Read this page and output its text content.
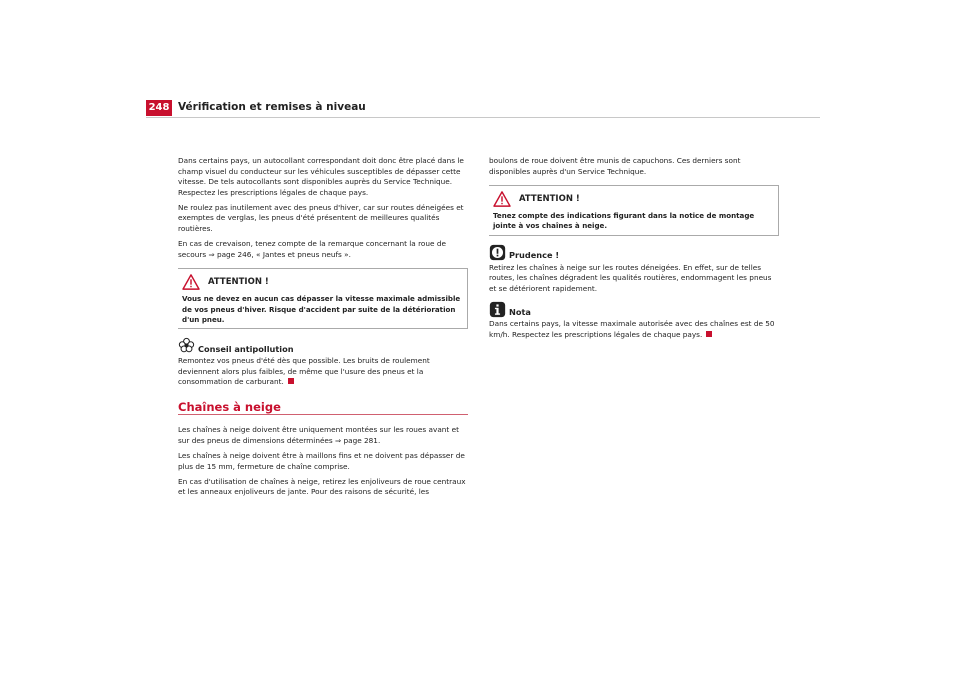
248 Vérification et remises à niveau

Dans certains pays, un autocollant correspondant doit donc être placé dans le champ visuel du conducteur sur les véhicules susceptibles de dépasser cette vitesse. De tels autocollants sont disponibles auprès du Service Technique. Respectez les prescriptions légales de chaque pays.

Ne roulez pas inutilement avec des pneus d'hiver, car sur routes déneigées et exemptes de verglas, les pneus d'été présentent de meilleures qualités routières.

En cas de crevaison, tenez compte de la remarque concernant la roue de secours ⇒ page 246, « Jantes et pneus neufs ».

ATTENTION !
Vous ne devez en aucun cas dépasser la vitesse maximale admissible de vos pneus d'hiver. Risque d'accident par suite de la détérioration d'un pneu.
Conseil antipollution

Remontez vos pneus d'été dès que possible. Les bruits de roulement deviennent alors plus faibles, de même que l'usure des pneus et la consommation de carburant.

Chaînes à neige

Les chaînes à neige doivent être uniquement montées sur les roues avant et sur des pneus de dimensions déterminées ⇒ page 281.

Les chaînes à neige doivent être à maillons fins et ne doivent pas dépasser de plus de 15 mm, fermeture de chaîne comprise.

En cas d'utilisation de chaînes à neige, retirez les enjoliveurs de roue centraux et les anneaux enjoliveurs de jante. Pour des raisons de sécurité, les

boulons de roue doivent être munis de capuchons. Ces derniers sont disponibles auprès d'un Service Technique.

ATTENTION !
Tenez compte des indications figurant dans la notice de montage jointe à vos chaînes à neige.
Prudence !

Retirez les chaînes à neige sur les routes déneigées. En effet, sur de telles routes, les chaînes dégradent les qualités routières, endommagent les pneus et se détériorent rapidement.

Nota

Dans certains pays, la vitesse maximale autorisée avec des chaînes est de 50 km/h. Respectez les prescriptions légales de chaque pays.
